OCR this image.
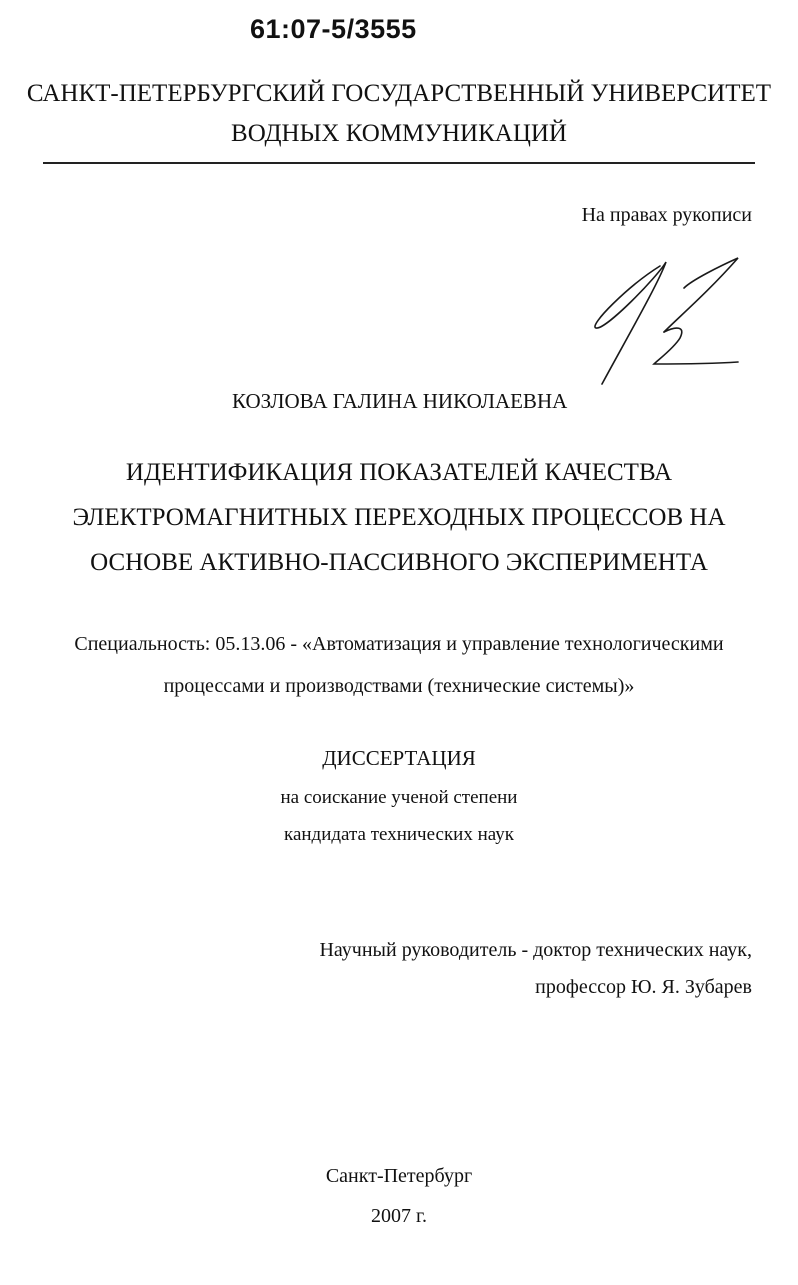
61:07-5/3555
САНКТ-ПЕТЕРБУРГСКИЙ ГОСУДАРСТВЕННЫЙ УНИВЕРСИТЕТ
ВОДНЫХ КОММУНИКАЦИЙ
На правах рукописи
КОЗЛОВА ГАЛИНА НИКОЛАЕВНА
ИДЕНТИФИКАЦИЯ ПОКАЗАТЕЛЕЙ КАЧЕСТВА
ЭЛЕКТРОМАГНИТНЫХ ПЕРЕХОДНЫХ ПРОЦЕССОВ НА
ОСНОВЕ АКТИВНО-ПАССИВНОГО ЭКСПЕРИМЕНТА
Специальность: 05.13.06 - «Автоматизация и управление технологическими
процессами и производствами (технические системы)»
ДИССЕРТАЦИЯ
на соискание ученой степени
кандидата технических наук
Научный руководитель - доктор технических наук,
профессор Ю. Я. Зубарев
Санкт-Петербург
2007 г.
